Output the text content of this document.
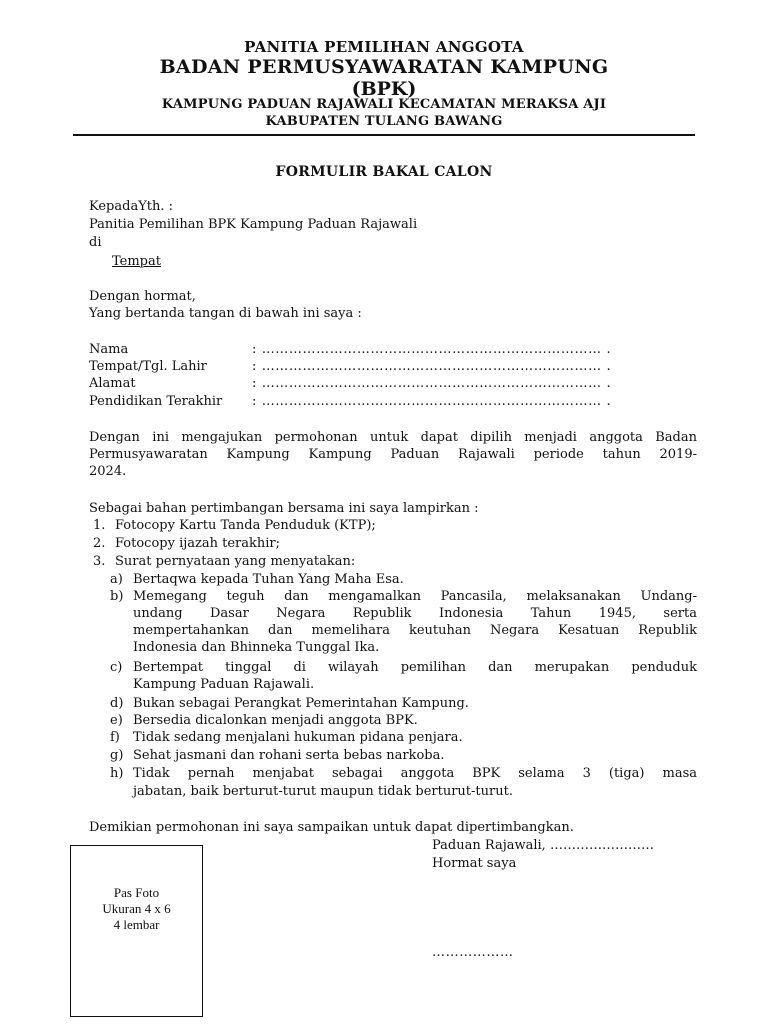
PANITIA PEMILIHAN ANGGOTA
BADAN PERMUSYAWARATAN KAMPUNG
(BPK)
KAMPUNG PADUAN RAJAWALI KECAMATAN MERAKSA AJI
KABUPATEN TULANG BAWANG
FORMULIR BAKAL CALON
KepadaYth. :
Panitia Pemilihan BPK Kampung Paduan Rajawali
di
Tempat
Dengan hormat,
Yang bertanda tangan di bawah ini saya :
Nama	: ………………………………………………………………… .
Tempat/Tgl. Lahir	: ………………………………………………………………… .
Alamat	: ………………………………………………………………… .
Pendidikan Terakhir : ………………………………………………………………… .
Dengan ini mengajukan permohonan untuk dapat dipilih menjadi anggota Badan
Permusyawaratan Kampung Kampung Paduan Rajawali periode tahun 2019-
2024.
Sebagai bahan pertimbangan bersama ini saya lampirkan :
1. Fotocopy Kartu Tanda Penduduk (KTP);
2. Fotocopy ijazah terakhir;
3. Surat pernyataan yang menyatakan:
a) Bertaqwa kepada Tuhan Yang Maha Esa.
b) Memegang teguh dan mengamalkan Pancasila, melaksanakan Undang-
undang Dasar Negara Republik Indonesia Tahun 1945, serta
mempertahankan dan memelihara keutuhan Negara Kesatuan Republik
Indonesia dan Bhinneka Tunggal Ika.
c) Bertempat tinggal di wilayah pemilihan dan merupakan penduduk
Kampung Paduan Rajawali.
d) Bukan sebagai Perangkat Pemerintahan Kampung.
e) Bersedia dicalonkan menjadi anggota BPK.
f) Tidak sedang menjalani hukuman pidana penjara.
g) Sehat jasmani dan rohani serta bebas narkoba.
h) Tidak pernah menjabat sebagai anggota BPK selama 3 (tiga) masa
jabatan, baik berturut-turut maupun tidak berturut-turut.
Demikian permohonan ini saya sampaikan untuk dapat dipertimbangkan.
Paduan Rajawali, ……………………
Hormat saya
………………
Pas Foto
Ukuran 4 x 6
4 lembar
